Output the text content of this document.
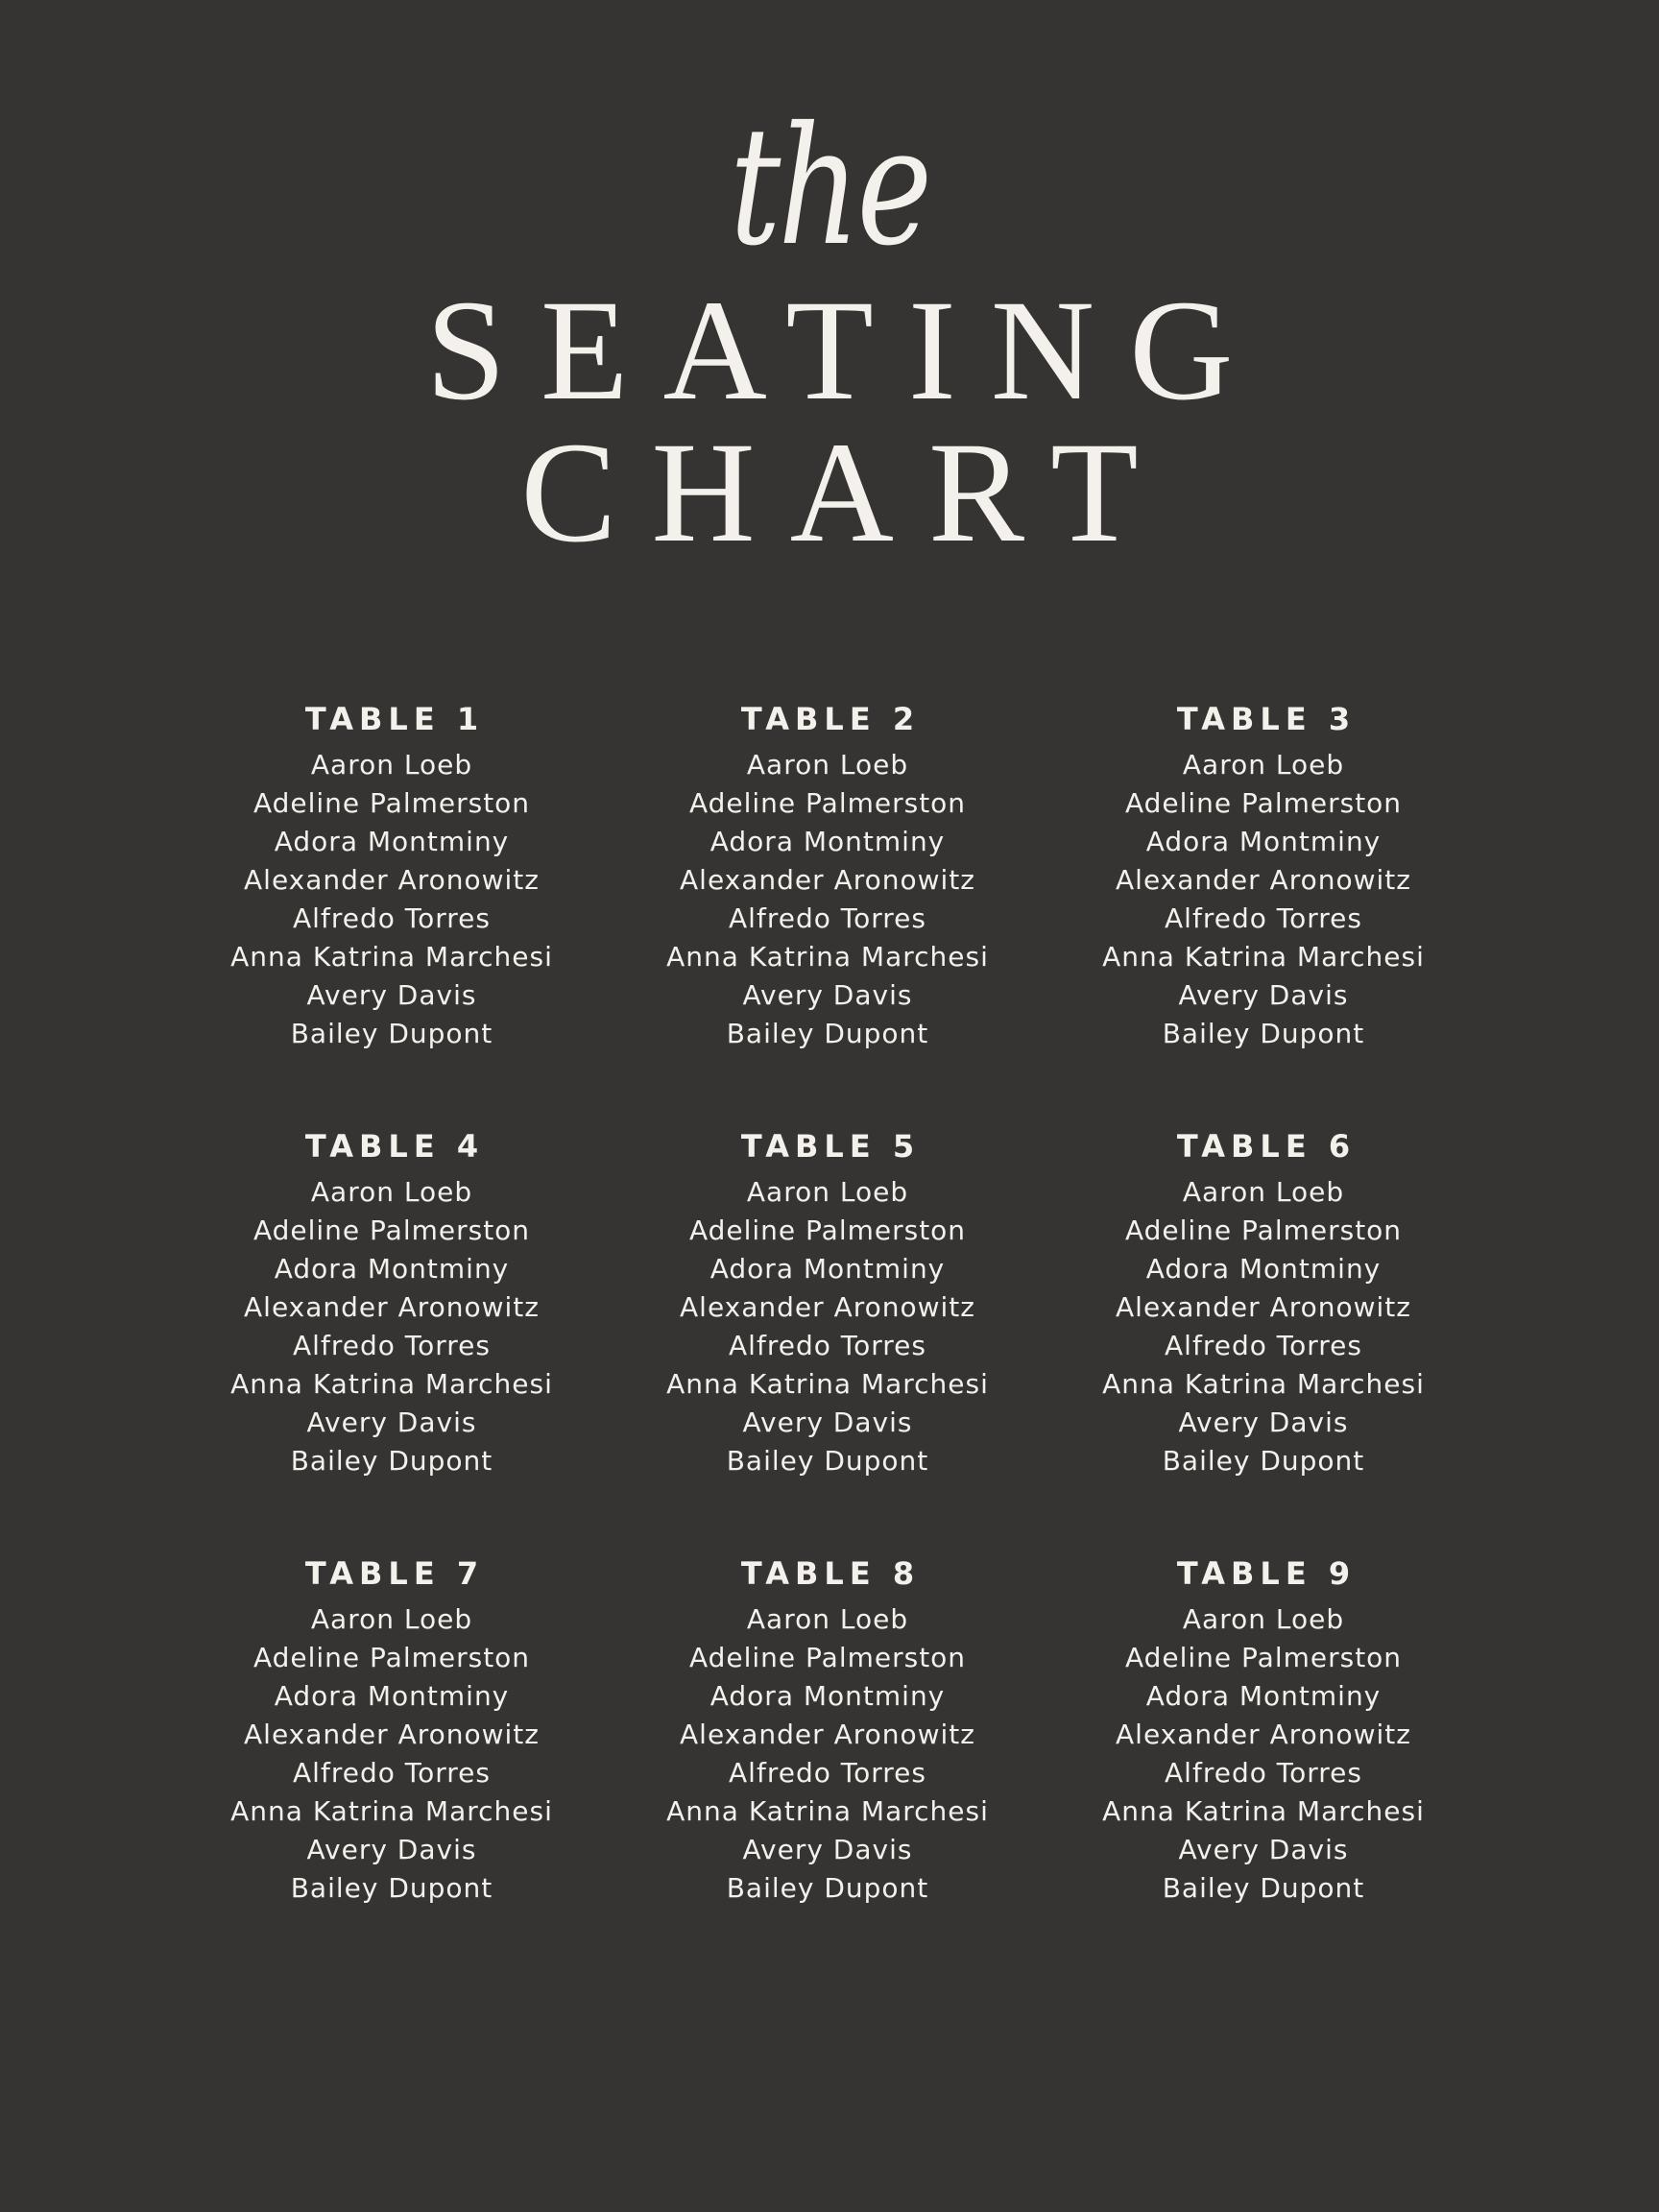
the
SEATING
CHART
TABLE 1
Aaron Loeb
Adeline Palmerston
Adora Montminy
Alexander Aronowitz
Alfredo Torres
Anna Katrina Marchesi
Avery Davis
Bailey Dupont
TABLE 2
Aaron Loeb
Adeline Palmerston
Adora Montminy
Alexander Aronowitz
Alfredo Torres
Anna Katrina Marchesi
Avery Davis
Bailey Dupont
TABLE 3
Aaron Loeb
Adeline Palmerston
Adora Montminy
Alexander Aronowitz
Alfredo Torres
Anna Katrina Marchesi
Avery Davis
Bailey Dupont
TABLE 4
Aaron Loeb
Adeline Palmerston
Adora Montminy
Alexander Aronowitz
Alfredo Torres
Anna Katrina Marchesi
Avery Davis
Bailey Dupont
TABLE 5
Aaron Loeb
Adeline Palmerston
Adora Montminy
Alexander Aronowitz
Alfredo Torres
Anna Katrina Marchesi
Avery Davis
Bailey Dupont
TABLE 6
Aaron Loeb
Adeline Palmerston
Adora Montminy
Alexander Aronowitz
Alfredo Torres
Anna Katrina Marchesi
Avery Davis
Bailey Dupont
TABLE 7
Aaron Loeb
Adeline Palmerston
Adora Montminy
Alexander Aronowitz
Alfredo Torres
Anna Katrina Marchesi
Avery Davis
Bailey Dupont
TABLE 8
Aaron Loeb
Adeline Palmerston
Adora Montminy
Alexander Aronowitz
Alfredo Torres
Anna Katrina Marchesi
Avery Davis
Bailey Dupont
TABLE 9
Aaron Loeb
Adeline Palmerston
Adora Montminy
Alexander Aronowitz
Alfredo Torres
Anna Katrina Marchesi
Avery Davis
Bailey Dupont
